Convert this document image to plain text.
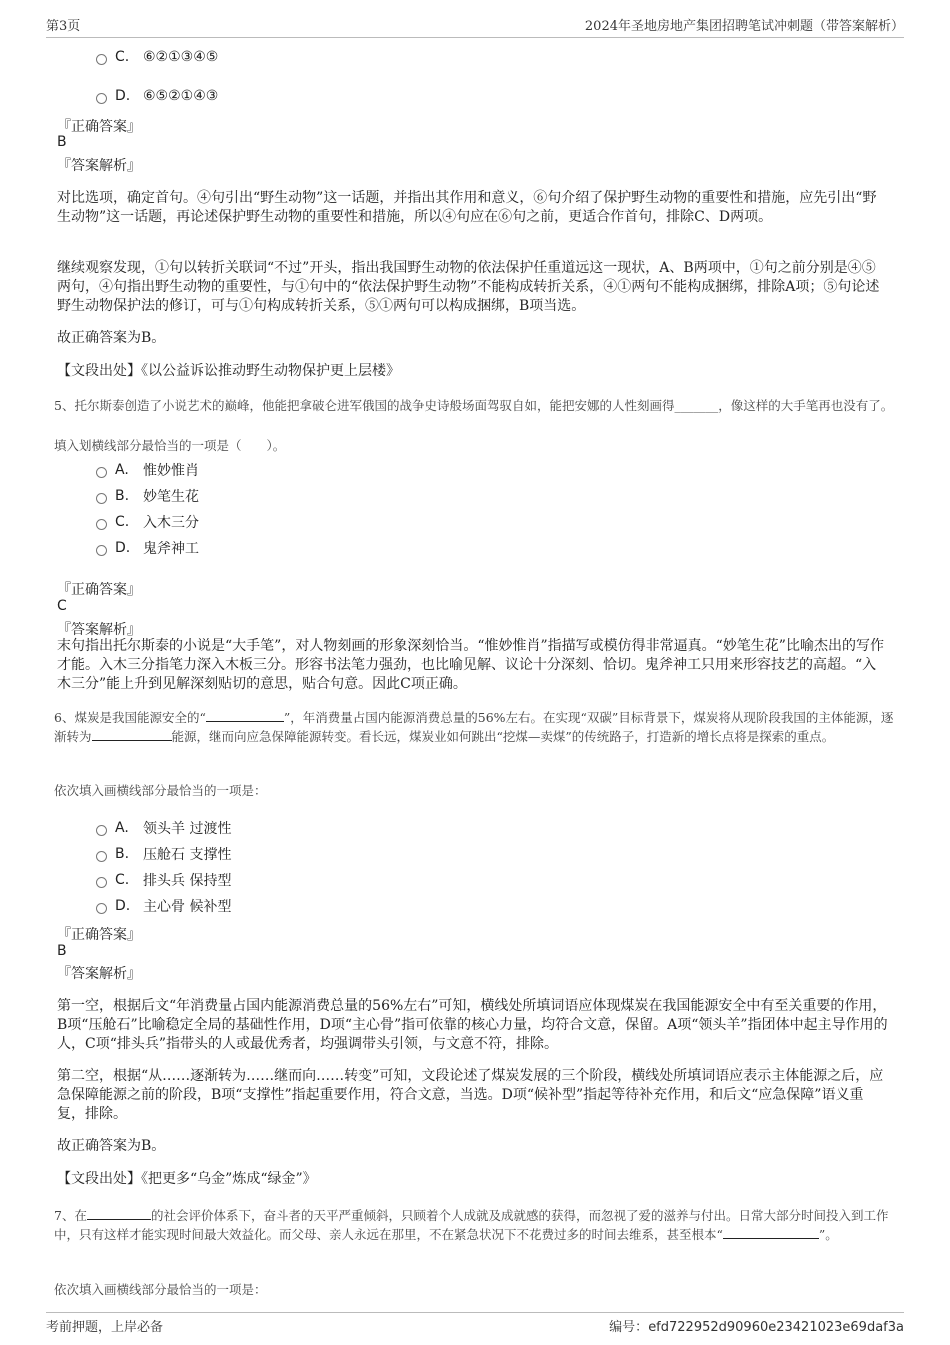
第3页	2024年圣地房地产集团招聘笔试冲刺题（带答案解析）
C. ⑥②①③④⑤
D. ⑥⑤②①④③
『正确答案』
B
『答案解析』
对比选项，确定首句。④句引出“野生动物”这一话题，并指出其作用和意义，⑥句介绍了保护野生动物的重要性和措施，应先引出“野生动物”这一话题，再论述保护野生动物的重要性和措施，所以④句应在⑥句之前，更适合作首句，排除C、D两项。
继续观察发现，①句以转折关联词“不过”开头，指出我国野生动物的依法保护任重道远这一现状，A、B两项中，①句之前分别是④⑤两句，④句指出野生动物的重要性，与①句中的“依法保护野生动物”不能构成转折关系，④①两句不能构成捆绑，排除A项；⑤句论述野生动物保护法的修订，可与①句构成转折关系，⑤①两句可以构成捆绑，B项当选。
故正确答案为B。
【文段出处】《以公益诉讼推动野生动物保护更上层楼》
5、托尔斯泰创造了小说艺术的巅峰，他能把拿破仑进军俄国的战争史诗般场面驾驭自如，能把安娜的人性刻画得_______，像这样的大手笔再也没有了。
填入划横线部分最恰当的一项是（　　）。
A.	惟妙惟肖
B. 妙笔生花
C. 入木三分
D. 鬼斧神工
『正确答案』
C
『答案解析』
末句指出托尔斯泰的小说是“大手笔”，对人物刻画的形象深刻恰当。“惟妙惟肖”指描写或模仿得非常逼真。“妙笔生花”比喻杰出的写作才能。入木三分指笔力深入木板三分。形容书法笔力强劲，也比喻见解、议论十分深刻、恰切。鬼斧神工只用来形容技艺的高超。“入木三分”能上升到见解深刻贴切的意思，贴合句意。因此C项正确。
6、煤炭是我国能源安全的“	”，年消费量占国内能源消费总量的56%左右。在实现“双碳”目标背景下，煤炭将从现阶段我国的主体能源，逐渐转为	能源，继而向应急保障能源转变。看长远，煤炭业如何跳出“挖煤—卖煤”的传统路子，打造新的增长点将是探索的重点。
依次填入画横线部分最恰当的一项是：
A.	领头羊 过渡性
B. 压舱石 支撑性
C. 排头兵 保持型
D. 主心骨 候补型
『正确答案』
B
『答案解析』
第一空，根据后文“年消费量占国内能源消费总量的56%左右”可知，横线处所填词语应体现煤炭在我国能源安全中有至关重要的作用，B项“压舱石”比喻稳定全局的基础性作用，D项“主心骨”指可依靠的核心力量，均符合文意，保留。A项“领头羊”指团体中起主导作用的人，C项“排头兵”指带头的人或最优秀者，均强调带头引领，与文意不符，排除。
第二空，根据“从……逐渐转为……继而向……转变”可知，文段论述了煤炭发展的三个阶段，横线处所填词语应表示主体能源之后，应急保障能源之前的阶段，B项“支撑性”指起重要作用，符合文意，当选。D项“候补型”指起等待补充作用，和后文“应急保障”语义重复，排除。
故正确答案为B。
【文段出处】《把更多“乌金”炼成“绿金”》
7、在	的社会评价体系下，奋斗者的天平严重倾斜，只顾着个人成就及成就感的获得，而忽视了爱的滋养与付出。日常大部分时间投入到工作中，只有这样才能实现时间最大效益化。而父母、亲人永远在那里，不在紧急状况下不花费过多的时间去维系，甚至根本“	”。
依次填入画横线部分最恰当的一项是：
考前押题，上岸必备	编号：efd722952d90960e23421023e69daf3a
